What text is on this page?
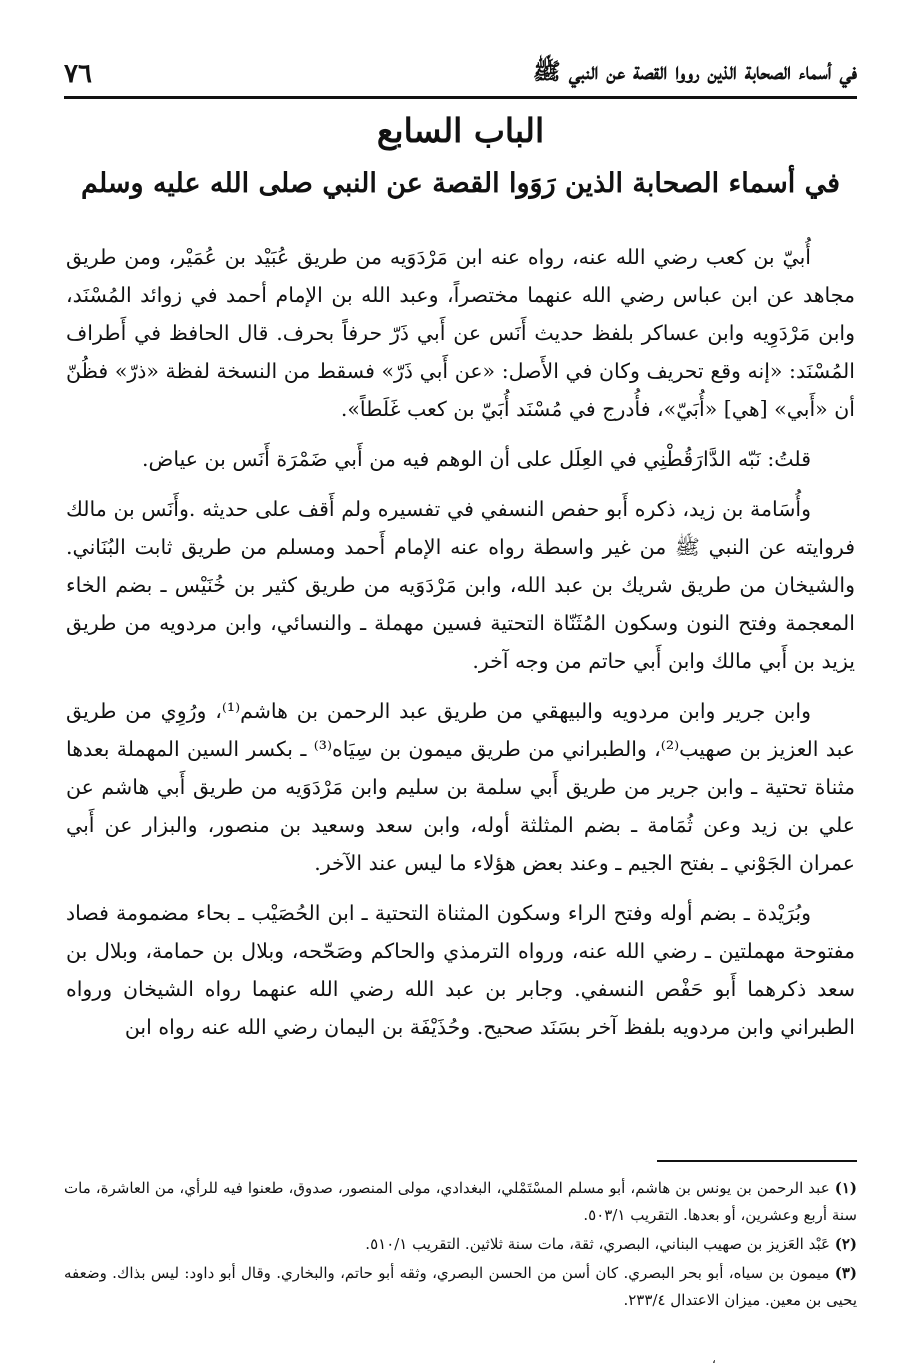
في أسماء الصحابة الذين رووا القصة عن النبي ﷺ
٧٦
الباب السابع
في أسماء الصحابة الذين رَوَوا القصة عن النبي صلى الله عليه وسلم

أُبيّ بن كعب رضي الله عنه، رواه عنه ابن مَرْدَوَيه من طريق عُبَيْد بن عُمَيْر، ومن طريق مجاهد عن ابن عباس رضي الله عنهما مختصراً، وعبد الله بن الإمام أحمد في زوائد المُسْنَد، وابن مَرْدَوِيه وابن عساكر بلفظ حديث أَنَس عن أَبي ذَرّ حرفاً بحرف. قال الحافظ في أَطراف المُسْنَد: «إنه وقع تحريف وكان في الأَصل: «عن أَبي ذَرّ» فسقط من النسخة لفظة «ذرّ» فظُنّ أن «أَبي» [هي] «أُبَيّ»، فأُدرج في مُسْنَد أُبَيّ بن كعب غَلَطاً».

قلتُ: نَبّه الدَّارَقُطْنِي في العِلَل على أن الوهم فيه من أَبي ضَمْرَة أَنَس بن عياض.

وأُسَامة بن زيد، ذكره أَبو حفص النسفي في تفسيره ولم أَقف على حديثه .وأَنَس بن مالك فروايته عن النبي ﷺ من غير واسطة رواه عنه الإمام أَحمد ومسلم من طريق ثابت البُنَاني. والشيخان من طريق شريك بن عبد الله، وابن مَرْدَوَيه من طريق كثير بن خُنَيْس ـ بضم الخاء المعجمة وفتح النون وسكون المُثَنّاة التحتية فسين مهملة ـ والنسائي، وابن مردويه من طريق يزيد بن أَبي مالك وابن أَبي حاتم من وجه آخر.

وابن جرير وابن مردويه والبيهقي من طريق عبد الرحمن بن هاشم⁽¹⁾، ورُوِي من طريق عبد العزيز بن صهيب⁽²⁾، والطبراني من طريق ميمون بن سِيَاه⁽³⁾ ـ بكسر السين المهملة بعدها مثناة تحتية ـ وابن جرير من طريق أَبي سلمة بن سليم وابن مَرْدَوَيه من طريق أَبي هاشم عن علي بن زيد وعن ثُمَامة ـ بضم المثلثة أوله، وابن سعد وسعيد بن منصور، والبزار عن أَبي عمران الجَوْني ـ بفتح الجيم ـ وعند بعض هؤلاء ما ليس عند الآخر.

وبُرَيْدة ـ بضم أوله وفتح الراء وسكون المثناة التحتية ـ ابن الحُصَيْب ـ بحاء مضمومة فصاد مفتوحة مهملتين ـ رضي الله عنه، ورواه الترمذي والحاكم وصَحّحه، وبلال بن حمامة، وبلال بن سعد ذكرهما أَبو حَفْص النسفي. وجابر بن عبد الله رضي الله عنهما رواه الشيخان ورواه الطبراني وابن مردويه بلفظ آخر بسَنَد صحيح. وحُذَيْفَة بن اليمان رضي الله عنه رواه ابن

(١) عبد الرحمن بن يونس بن هاشم، أبو مسلم المسْتَمْلي، البغدادي، مولى المنصور، صدوق، طعنوا فيه للرأي، من العاشرة، مات سنة أربع وعشرين، أو بعدها. التقريب ٥٠٣/١.

(٢) عَبْد العَزيز بن صهيب البناني، البصري، ثقة، مات سنة ثلاثين. التقريب ٥١٠/١.

(٣) ميمون بن سياه، أبو بحر البصري. كان أسن من الحسن البصري، وثقه أبو حاتم، والبخاري. وقال أبو داود: ليس بذاك. وضعفه يحيى بن معين. ميزان الاعتدال ٢٣٣/٤.

،
